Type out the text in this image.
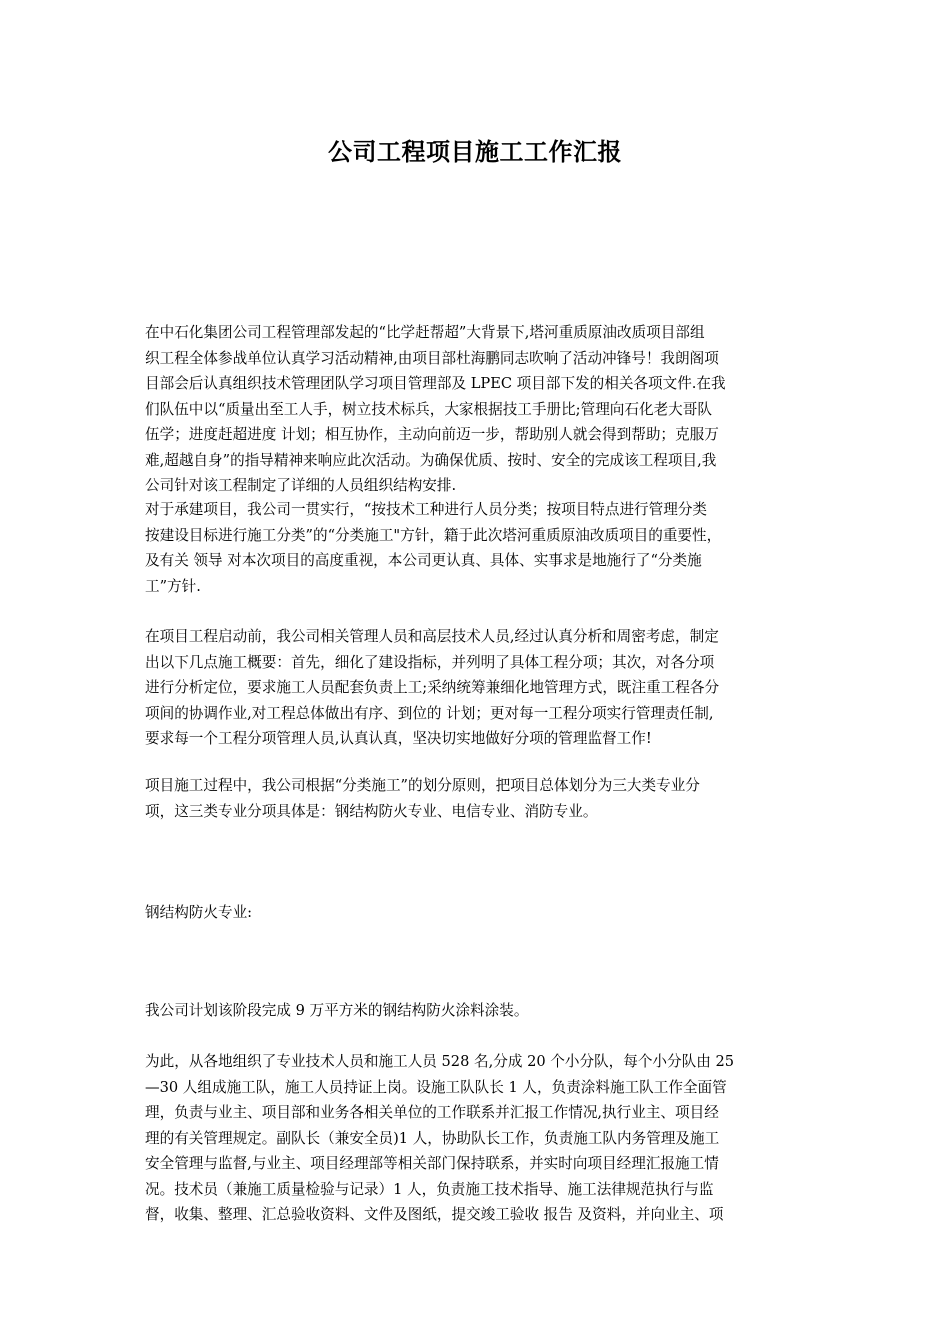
公司工程项目施工工作汇报
在中石化集团公司工程管理部发起的“比学赶帮超”大背景下,塔河重质原油改质项目部组
织工程全体参战单位认真学习活动精神,由项目部杜海鹏同志吹响了活动冲锋号！我朗阁项
目部会后认真组织技术管理团队学习项目管理部及 LPEC 项目部下发的相关各项文件.在我
们队伍中以“质量出至工人手，树立技术标兵，大家根据技工手册比;管理向石化老大哥队
伍学；进度赶超进度 计划；相互协作，主动向前迈一步，帮助别人就会得到帮助；克服万
难,超越自身”的指导精神来响应此次活动。为确保优质、按时、安全的完成该工程项目,我
公司针对该工程制定了详细的人员组织结构安排.
对于承建项目，我公司一贯实行，“按技术工种进行人员分类；按项目特点进行管理分类
按建设目标进行施工分类”的“分类施工"方针，籍于此次塔河重质原油改质项目的重要性，
及有关 领导 对本次项目的高度重视，本公司更认真、具体、实事求是地施行了“分类施
工”方针.
在项目工程启动前，我公司相关管理人员和高层技术人员,经过认真分析和周密考虑，制定
出以下几点施工概要：首先，细化了建设指标，并列明了具体工程分项；其次，对各分项
进行分析定位，要求施工人员配套负责上工;采纳统筹兼细化地管理方式，既注重工程各分
项间的协调作业,对工程总体做出有序、到位的 计划；更对每一工程分项实行管理责任制,
要求每一个工程分项管理人员,认真认真，坚决切实地做好分项的管理监督工作!
项目施工过程中，我公司根据“分类施工”的划分原则，把项目总体划分为三大类专业分
项，这三类专业分项具体是：钢结构防火专业、电信专业、消防专业。
钢结构防火专业:
我公司计划该阶段完成 9 万平方米的钢结构防火涂料涂装。
为此，从各地组织了专业技术人员和施工人员 528 名,分成 20 个小分队，每个小分队由 25
—30 人组成施工队，施工人员持证上岗。设施工队队长 1 人，负责涂料施工队工作全面管
理，负责与业主、项目部和业务各相关单位的工作联系并汇报工作情况,执行业主、项目经
理的有关管理规定。副队长（兼安全员)1 人，协助队长工作，负责施工队内务管理及施工
安全管理与监督,与业主、项目经理部等相关部门保持联系，并实时向项目经理汇报施工情
况。技术员（兼施工质量检验与记录）1 人，负责施工技术指导、施工法律规范执行与监
督，收集、整理、汇总验收资料、文件及图纸，提交竣工验收 报告 及资料，并向业主、项
